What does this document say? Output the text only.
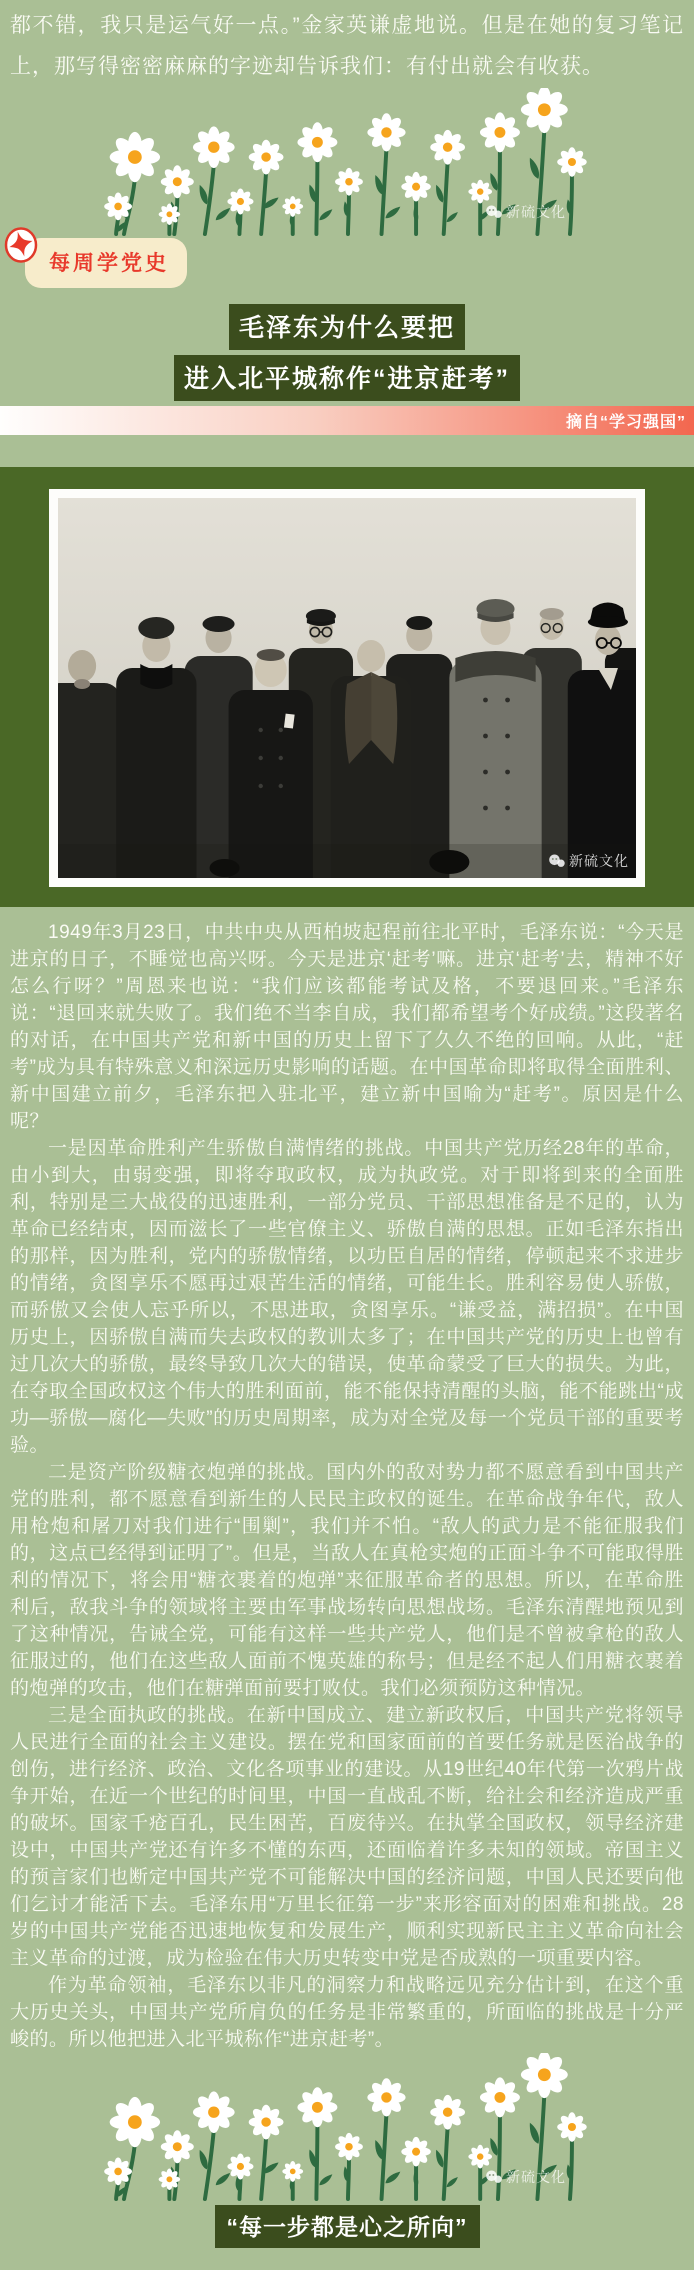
都不错，我只是运气好一点。”金家英谦虚地说。但是在她的复习笔记上，那写得密密麻麻的字迹却告诉我们：有付出就会有收获。
新硫文化
每周学党史
毛泽东为什么要把
进入北平城称作“进京赶考”
摘自“学习强国”
新硫文化

1949年3月23日，中共中央从西柏坡起程前往北平时，毛泽东说：“今天是进京的日子，不睡觉也高兴呀。今天是进京‘赶考’嘛。进京‘赶考’去，精神不好怎么行呀？”周恩来也说：“我们应该都能考试及格，不要退回来。”毛泽东说：“退回来就失败了。我们绝不当李自成，我们都希望考个好成绩。”这段著名的对话，在中国共产党和新中国的历史上留下了久久不绝的回响。从此，“赶考”成为具有特殊意义和深远历史影响的话题。在中国革命即将取得全面胜利、新中国建立前夕，毛泽东把入驻北平，建立新中国喻为“赶考”。原因是什么呢？

一是因革命胜利产生骄傲自满情绪的挑战。中国共产党历经28年的革命，由小到大，由弱变强，即将夺取政权，成为执政党。对于即将到来的全面胜利，特别是三大战役的迅速胜利，一部分党员、干部思想准备是不足的，认为革命已经结束，因而滋长了一些官僚主义、骄傲自满的思想。正如毛泽东指出的那样，因为胜利，党内的骄傲情绪，以功臣自居的情绪，停顿起来不求进步的情绪，贪图享乐不愿再过艰苦生活的情绪，可能生长。胜利容易使人骄傲，而骄傲又会使人忘乎所以，不思进取，贪图享乐。“谦受益，满招损”。在中国历史上，因骄傲自满而失去政权的教训太多了；在中国共产党的历史上也曾有过几次大的骄傲，最终导致几次大的错误，使革命蒙受了巨大的损失。为此，在夺取全国政权这个伟大的胜利面前，能不能保持清醒的头脑，能不能跳出“成功—骄傲—腐化—失败”的历史周期率，成为对全党及每一个党员干部的重要考验。

二是资产阶级糖衣炮弹的挑战。国内外的敌对势力都不愿意看到中国共产党的胜利，都不愿意看到新生的人民民主政权的诞生。在革命战争年代，敌人用枪炮和屠刀对我们进行“围剿”，我们并不怕。“敌人的武力是不能征服我们的，这点已经得到证明了”。但是，当敌人在真枪实炮的正面斗争不可能取得胜利的情况下，将会用“糖衣裹着的炮弹”来征服革命者的思想。所以，在革命胜利后，敌我斗争的领域将主要由军事战场转向思想战场。毛泽东清醒地预见到了这种情况，告诫全党，可能有这样一些共产党人，他们是不曾被拿枪的敌人征服过的，他们在这些敌人面前不愧英雄的称号；但是经不起人们用糖衣裹着的炮弹的攻击，他们在糖弹面前要打败仗。我们必须预防这种情况。

三是全面执政的挑战。在新中国成立、建立新政权后，中国共产党将领导人民进行全面的社会主义建设。摆在党和国家面前的首要任务就是医治战争的创伤，进行经济、政治、文化各项事业的建设。从19世纪40年代第一次鸦片战争开始，在近一个世纪的时间里，中国一直战乱不断，给社会和经济造成严重的破坏。国家千疮百孔，民生困苦，百废待兴。在执掌全国政权，领导经济建设中，中国共产党还有许多不懂的东西，还面临着许多未知的领域。帝国主义的预言家们也断定中国共产党不可能解决中国的经济问题，中国人民还要向他们乞讨才能活下去。毛泽东用“万里长征第一步”来形容面对的困难和挑战。28岁的中国共产党能否迅速地恢复和发展生产，顺利实现新民主主义革命向社会主义革命的过渡，成为检验在伟大历史转变中党是否成熟的一项重要内容。

作为革命领袖，毛泽东以非凡的洞察力和战略远见充分估计到，在这个重大历史关头，中国共产党所肩负的任务是非常繁重的，所面临的挑战是十分严峻的。所以他把进入北平城称作“进京赶考”。

新硫文化
“每一步都是心之所向”
